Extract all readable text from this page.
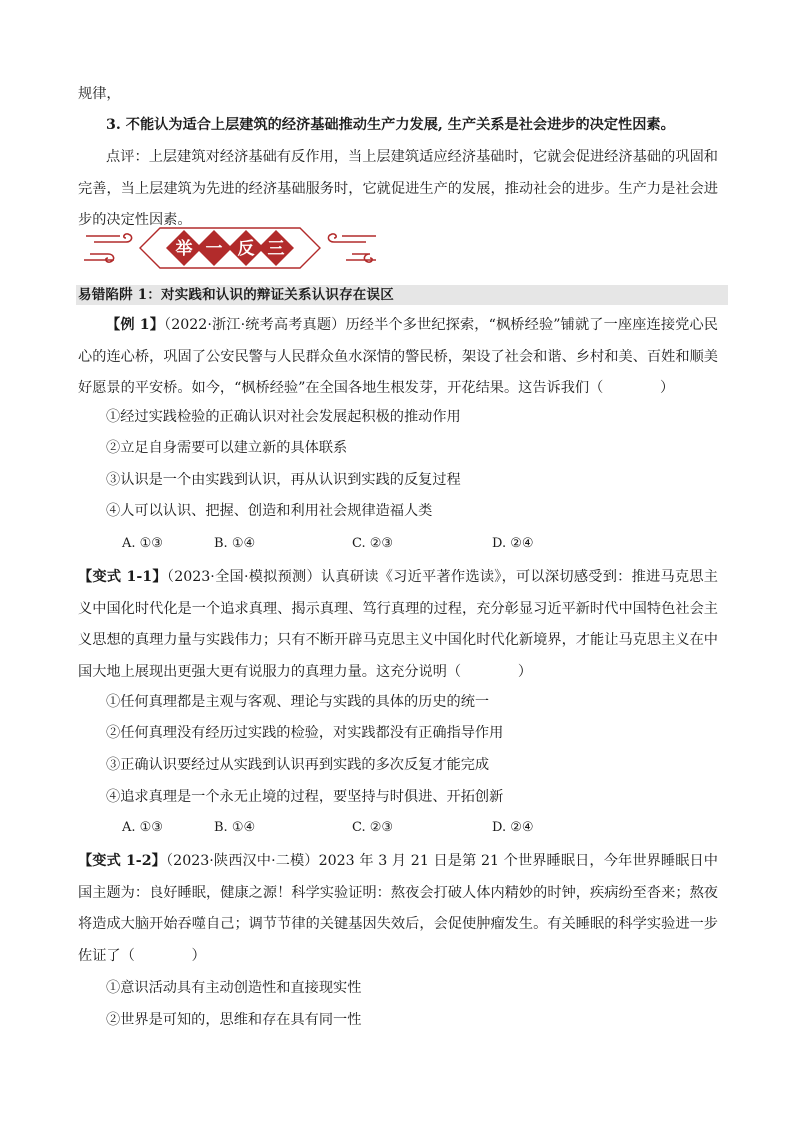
规律，

3. 不能认为适合上层建筑的经济基础推动生产力发展, 生产关系是社会进步的决定性因素。

点评：上层建筑对经济基础有反作用，当上层建筑适应经济基础时，它就会促进经济基础的巩固和完善，当上层建筑为先进的经济基础服务时，它就促进生产的发展，推动社会的进步。生产力是社会进步的决定性因素。

举 一 反 三
易错陷阱 1：对实践和认识的辩证关系认识存在误区

【例 1】（2022·浙江·统考高考真题）历经半个多世纪探索，“枫桥经验”铺就了一座座连接党心民心的连心桥，巩固了公安民警与人民群众鱼水深情的警民桥，架设了社会和谐、乡村和美、百姓和顺美好愿景的平安桥。如今，“枫桥经验”在全国各地生根发芽，开花结果。这告诉我们（　　　　）

①经过实践检验的正确认识对社会发展起积极的推动作用
②立足自身需要可以建立新的具体联系
③认识是一个由实践到认识，再从认识到实践的反复过程
④人可以认识、把握、创造和利用社会规律造福人类
A. ①③	B. ①④	C. ②③	D. ②④

【变式 1-1】（2023·全国·模拟预测）认真研读《习近平著作选读》，可以深切感受到：推进马克思主义中国化时代化是一个追求真理、揭示真理、笃行真理的过程，充分彰显习近平新时代中国特色社会主义思想的真理力量与实践伟力；只有不断开辟马克思主义中国化时代化新境界，才能让马克思主义在中国大地上展现出更强大更有说服力的真理力量。这充分说明（　　　　）

①任何真理都是主观与客观、理论与实践的具体的历史的统一
②任何真理没有经历过实践的检验，对实践都没有正确指导作用
③正确认识要经过从实践到认识再到实践的多次反复才能完成
④追求真理是一个永无止境的过程，要坚持与时俱进、开拓创新
A. ①③	B. ①④	C. ②③	D. ②④

【变式 1-2】（2023·陕西汉中·二模）2023 年 3 月 21 日是第 21 个世界睡眠日，今年世界睡眠日中国主题为：良好睡眠，健康之源！科学实验证明：熬夜会打破人体内精妙的时钟，疾病纷至沓来；熬夜将造成大脑开始吞噬自己；调节节律的关键基因失效后，会促使肿瘤发生。有关睡眠的科学实验进一步佐证了（　　　　）

①意识活动具有主动创造性和直接现实性
②世界是可知的，思维和存在具有同一性
